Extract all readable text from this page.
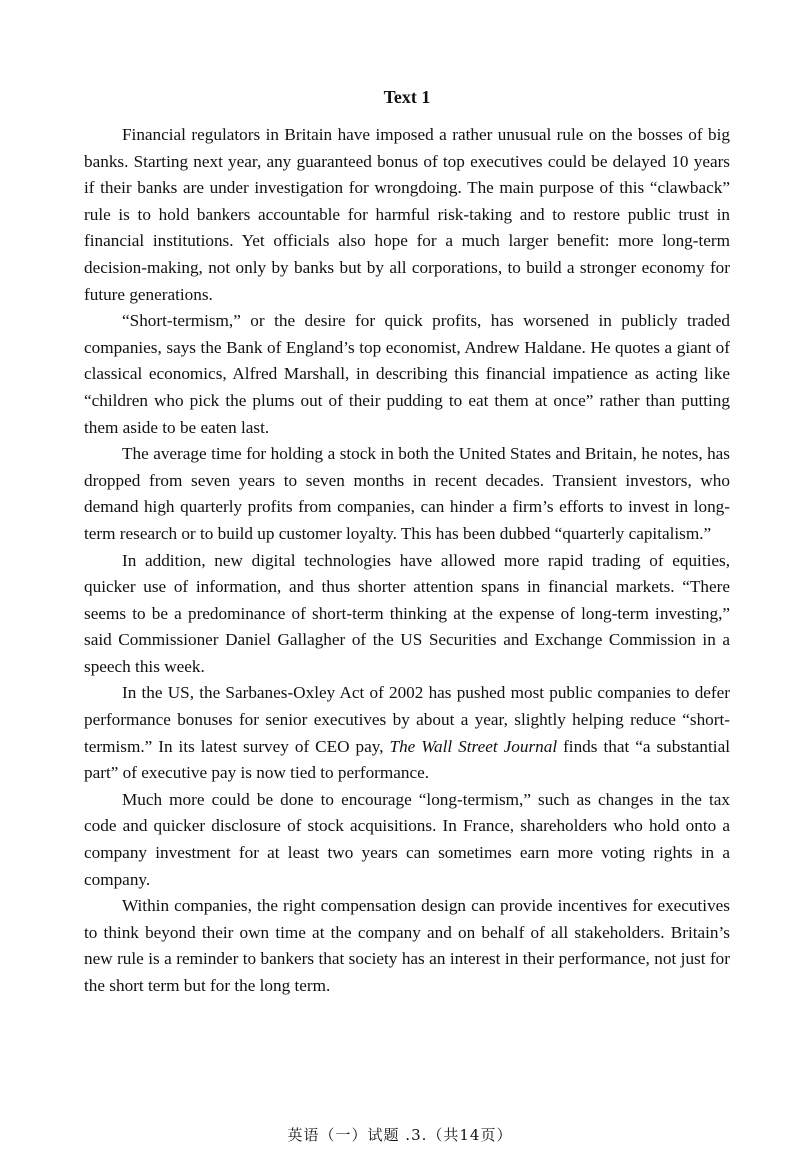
Text 1

Financial regulators in Britain have imposed a rather unusual rule on the bosses of big banks. Starting next year, any guaranteed bonus of top executives could be delayed 10 years if their banks are under investigation for wrongdoing. The main purpose of this “clawback” rule is to hold bankers accountable for harmful risk-taking and to restore public trust in financial institutions. Yet officials also hope for a much larger benefit: more long-term decision-making, not only by banks but by all corporations, to build a stronger economy for future generations.

“Short-termism,” or the desire for quick profits, has worsened in publicly traded companies, says the Bank of England’s top economist, Andrew Haldane. He quotes a giant of classical economics, Alfred Marshall, in describing this financial impatience as acting like “children who pick the plums out of their pudding to eat them at once” rather than putting them aside to be eaten last.

The average time for holding a stock in both the United States and Britain, he notes, has dropped from seven years to seven months in recent decades. Transient investors, who demand high quarterly profits from companies, can hinder a firm’s efforts to invest in long-term research or to build up customer loyalty. This has been dubbed “quarterly capitalism.”

In addition, new digital technologies have allowed more rapid trading of equities, quicker use of information, and thus shorter attention spans in financial markets. “There seems to be a predominance of short-term thinking at the expense of long-term investing,” said Commissioner Daniel Gallagher of the US Securities and Exchange Commission in a speech this week.

In the US, the Sarbanes-Oxley Act of 2002 has pushed most public companies to defer performance bonuses for senior executives by about a year, slightly helping reduce “short-termism.” In its latest survey of CEO pay, The Wall Street Journal finds that “a substantial part” of executive pay is now tied to performance.

Much more could be done to encourage “long-termism,” such as changes in the tax code and quicker disclosure of stock acquisitions. In France, shareholders who hold onto a company investment for at least two years can sometimes earn more voting rights in a company.

Within companies, the right compensation design can provide incentives for executives to think beyond their own time at the company and on behalf of all stakeholders. Britain’s new rule is a reminder to bankers that society has an interest in their performance, not just for the short term but for the long term.

英语（一）试题 .3.（共14页）
